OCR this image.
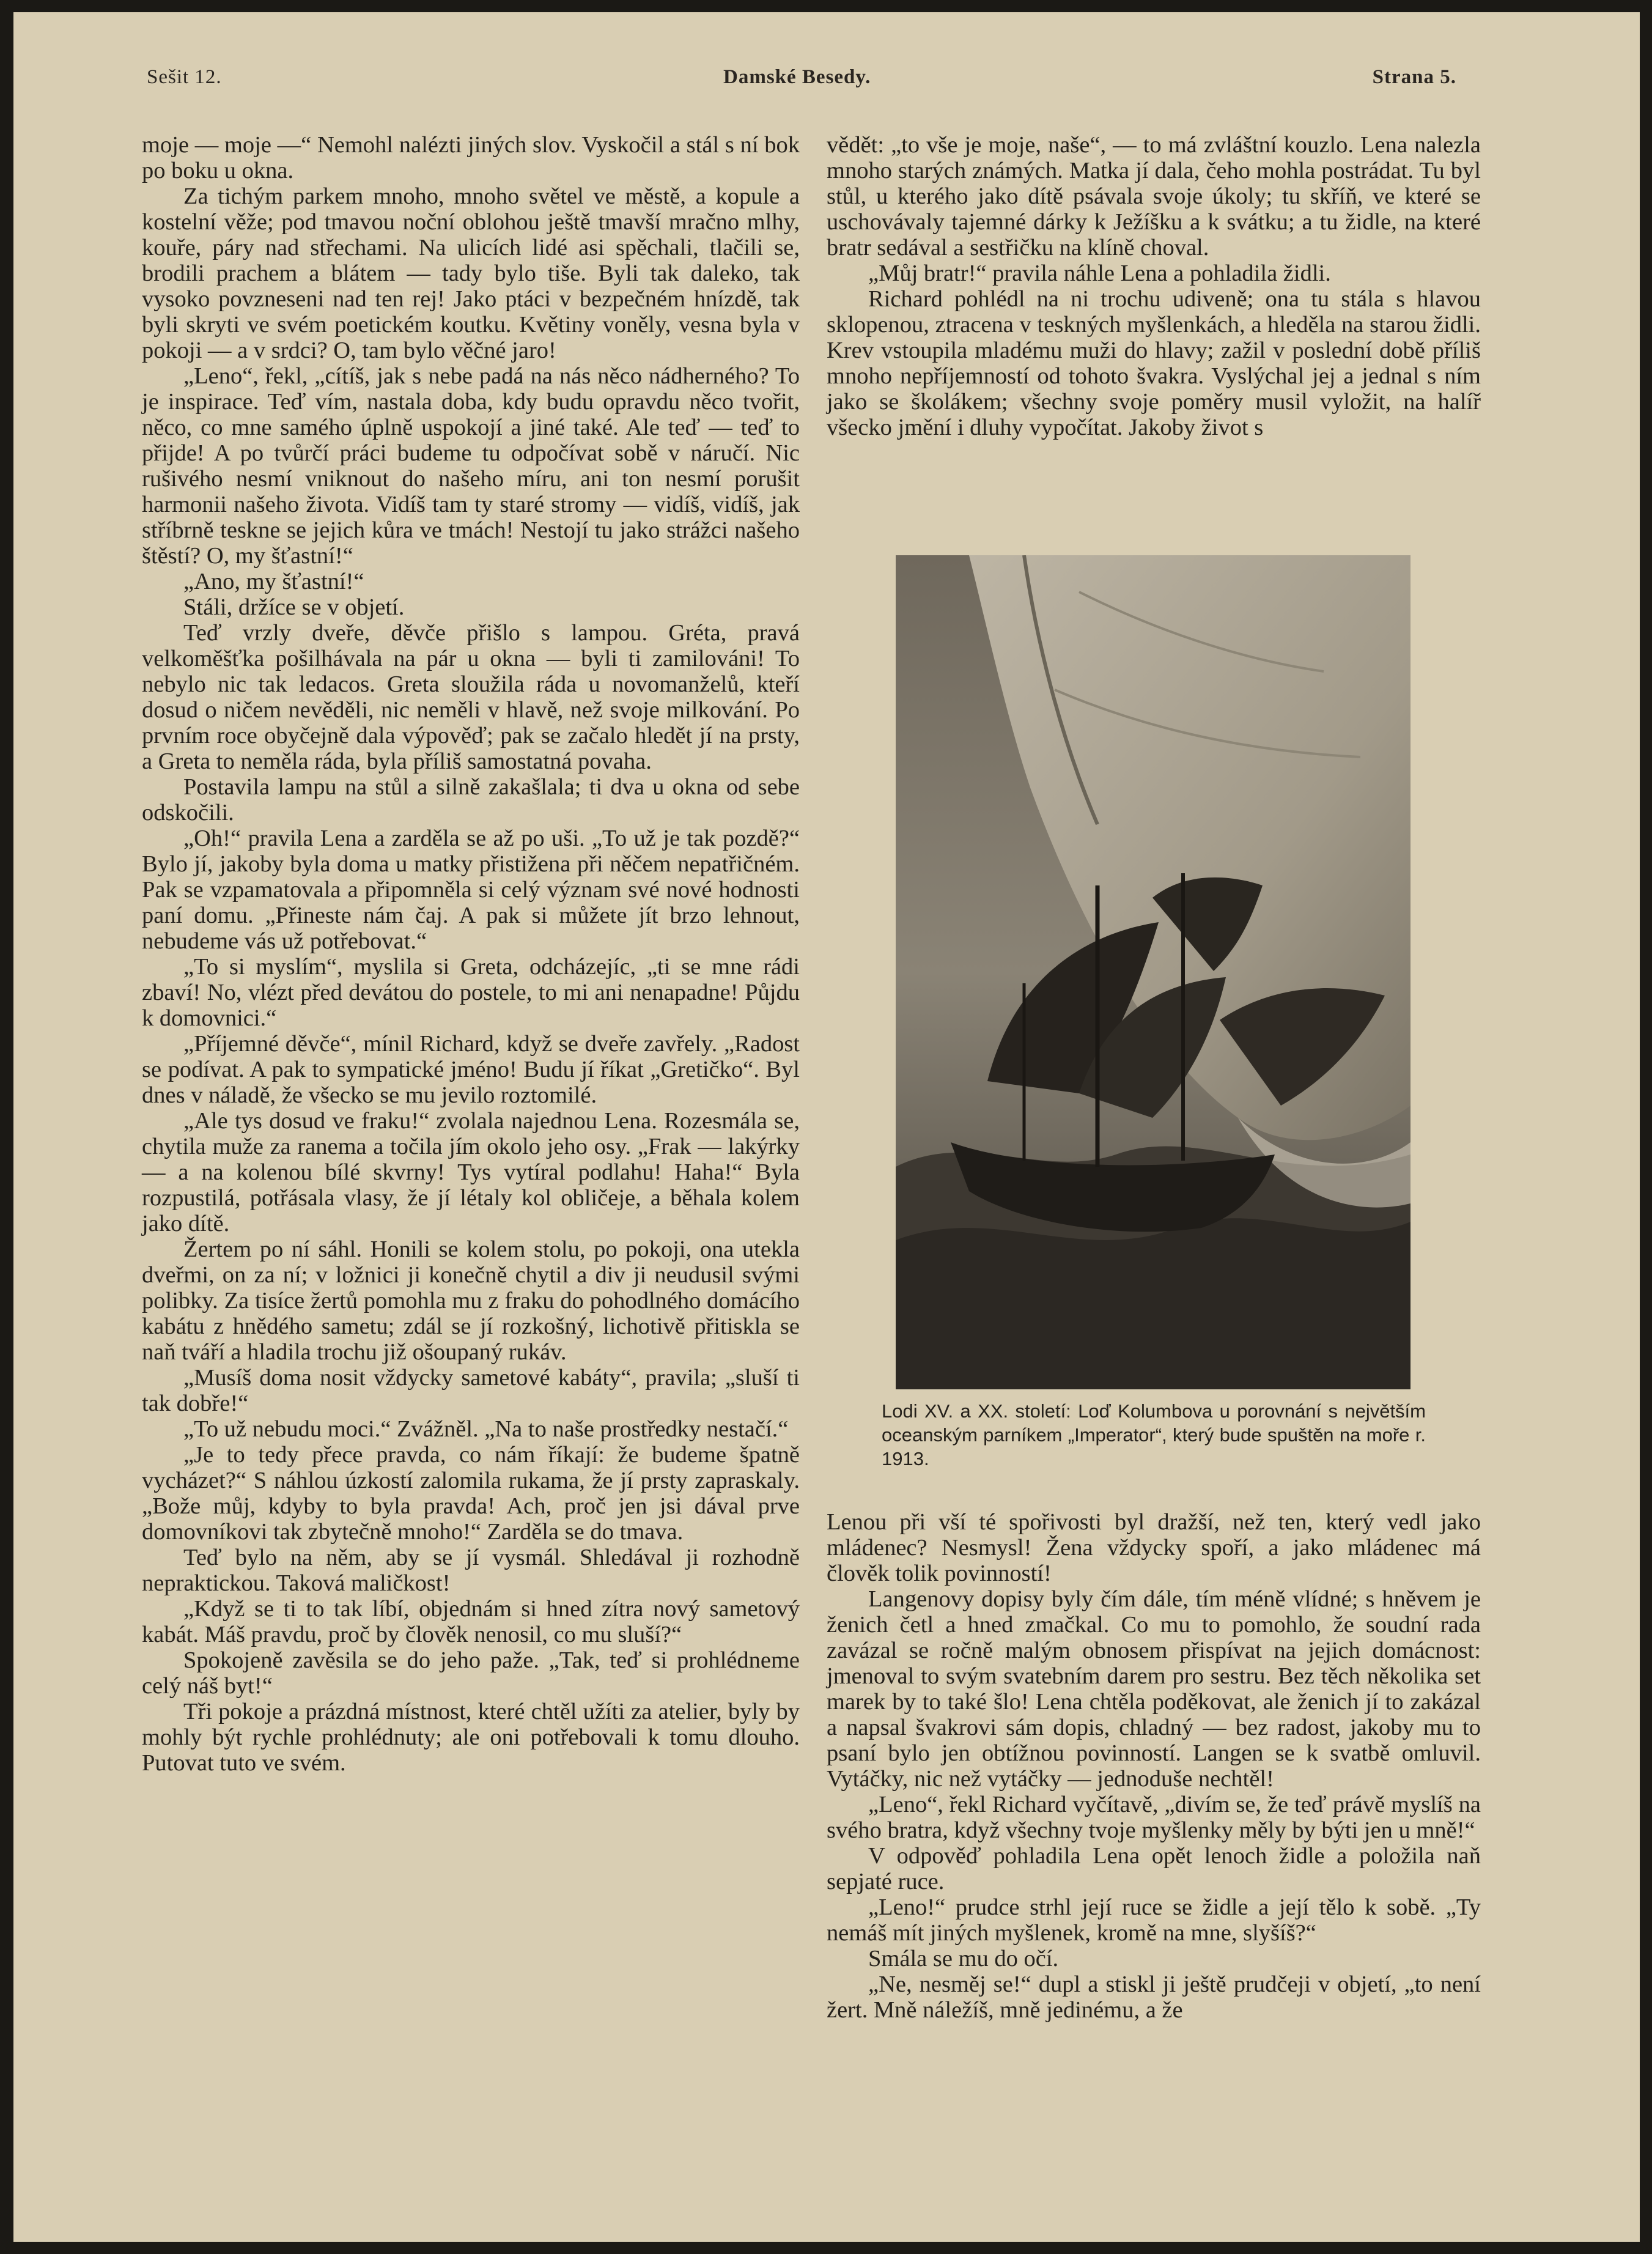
Sešit 12.	Damské Besedy.	Strana 5.

moje — moje —“ Nemohl nalézti jiných slov. Vyskočil a stál s ní bok po boku u okna.

Za tichým parkem mnoho, mnoho světel ve městě, a kopule a kostelní věže; pod tmavou noční oblohou ještě tmavší mračno mlhy, kouře, páry nad střechami. Na ulicích lidé asi spěchali, tlačili se, brodili prachem a blátem — tady bylo tiše. Byli tak daleko, tak vysoko povzneseni nad ten rej! Jako ptáci v bezpečném hnízdě, tak byli skryti ve svém poetickém koutku. Květiny voněly, vesna byla v pokoji — a v srdci? O, tam bylo věčné jaro!

„Leno“, řekl, „cítíš, jak s nebe padá na nás něco nádherného? To je inspirace. Teď vím, nastala doba, kdy budu opravdu něco tvořit, něco, co mne samého úplně uspokojí a jiné také. Ale teď — teď to přijde! A po tvůrčí práci budeme tu odpočívat sobě v náručí. Nic rušivého nesmí vniknout do našeho míru, ani ton nesmí porušit harmonii našeho života. Vidíš tam ty staré stromy — vidíš, vidíš, jak stříbrně teskne se jejich kůra ve tmách! Nestojí tu jako strážci našeho štěstí? O, my šťastní!“

„Ano, my šťastní!“

Stáli, držíce se v objetí.

Teď vrzly dveře, děvče přišlo s lampou. Gréta, pravá velkoměšťka pošilhávala na pár u okna — byli ti zamilováni! To nebylo nic tak ledacos. Greta sloužila ráda u novomanželů, kteří dosud o ničem nevěděli, nic neměli v hlavě, než svoje milkování. Po prvním roce obyčejně dala výpověď; pak se začalo hledět jí na prsty, a Greta to neměla ráda, byla příliš samostatná povaha.

Postavila lampu na stůl a silně zakašlala; ti dva u okna od sebe odskočili.

„Oh!“ pravila Lena a zarděla se až po uši. „To už je tak pozdě?“ Bylo jí, jakoby byla doma u matky přistižena při něčem nepatřičném. Pak se vzpamatovala a připomněla si celý význam své nové hodnosti paní domu. „Přineste nám čaj. A pak si můžete jít brzo lehnout, nebudeme vás už potřebovat.“

„To si myslím“, myslila si Greta, odcházejíc, „ti se mne rádi zbaví! No, vlézt před devátou do postele, to mi ani nenapadne! Půjdu k domovnici.“

„Příjemné děvče“, mínil Richard, když se dveře zavřely. „Radost se podívat. A pak to sympatické jméno! Budu jí říkat „Gretičko“. Byl dnes v náladě, že všecko se mu jevilo roztomilé.

„Ale tys dosud ve fraku!“ zvolala najednou Lena. Rozesmála se, chytila muže za ranema a točila jím okolo jeho osy. „Frak — lakýrky — a na kolenou bílé skvrny! Tys vytíral podlahu! Haha!“ Byla rozpustilá, potřásala vlasy, že jí létaly kol obličeje, a běhala kolem jako dítě.

Žertem po ní sáhl. Honili se kolem stolu, po pokoji, ona utekla dveřmi, on za ní; v ložnici ji konečně chytil a div ji neudusil svými polibky. Za tisíce žertů pomohla mu z fraku do pohodlného domácího kabátu z hnědého sametu; zdál se jí rozkošný, lichotivě přitiskla se naň tváří a hladila trochu již ošoupaný rukáv.

„Musíš doma nosit vždycky sametové kabáty“, pravila; „sluší ti tak dobře!“

„To už nebudu moci.“ Zvážněl. „Na to naše prostředky nestačí.“

„Je to tedy přece pravda, co nám říkají: že budeme špatně vycházet?“ S náhlou úzkostí zalomila rukama, že jí prsty zapraskaly. „Bože můj, kdyby to byla pravda! Ach, proč jen jsi dával prve domovníkovi tak zbytečně mnoho!“ Zarděla se do tmava.

Teď bylo na něm, aby se jí vysmál. Shledával ji rozhodně nepraktickou. Taková maličkost!

„Když se ti to tak líbí, objednám si hned zítra nový sametový kabát. Máš pravdu, proč by člověk nenosil, co mu sluší?“

Spokojeně zavěsila se do jeho paže. „Tak, teď si prohlédneme celý náš byt!“

Tři pokoje a prázdná místnost, které chtěl užíti za atelier, byly by mohly být rychle prohlédnuty; ale oni potřebovali k tomu dlouho. Putovat tuto ve svém.

vědět: „to vše je moje, naše“, — to má zvláštní kouzlo. Lena nalezla mnoho starých známých. Matka jí dala, čeho mohla postrádat. Tu byl stůl, u kterého jako dítě psávala svoje úkoly; tu skříň, ve které se uschovávaly tajemné dárky k Ježíšku a k svátku; a tu židle, na které bratr sedával a sestřičku na klíně choval.

„Můj bratr!“ pravila náhle Lena a pohladila židli.

Richard pohlédl na ni trochu udiveně; ona tu stála s hlavou sklopenou, ztracena v teskných myšlenkách, a hleděla na starou židli. Krev vstoupila mladému muži do hlavy; zažil v poslední době příliš mnoho nepříjemností od tohoto švakra. Vyslýchal jej a jednal s ním jako se školákem; všechny svoje poměry musil vyložit, na halíř všecko jmění i dluhy vypočítat. Jakoby život s

Lodi XV. a XX. století: Loď Kolumbova u porovnání s největším oceanským parníkem „Imperator“, který bude spuštěn na moře r. 1913.

Lenou při vší té spořivosti byl dražší, než ten, který vedl jako mládenec? Nesmysl! Žena vždycky spoří, a jako mládenec má člověk tolik povinností!

Langenovy dopisy byly čím dále, tím méně vlídné; s hněvem je ženich četl a hned zmačkal. Co mu to pomohlo, že soudní rada zavázal se ročně malým obnosem přispívat na jejich domácnost: jmenoval to svým svatebním darem pro sestru. Bez těch několika set marek by to také šlo! Lena chtěla poděkovat, ale ženich jí to zakázal a napsal švakrovi sám dopis, chladný — bez radost, jakoby mu to psaní bylo jen obtížnou povinností. Langen se k svatbě omluvil. Vytáčky, nic než vytáčky — jednoduše nechtěl!

„Leno“, řekl Richard vyčítavě, „divím se, že teď právě myslíš na svého bratra, když všechny tvoje myšlenky měly by býti jen u mně!“

V odpověď pohladila Lena opět lenoch židle a položila naň sepjaté ruce.

„Leno!“ prudce strhl její ruce se židle a její tělo k sobě. „Ty nemáš mít jiných myšlenek, kromě na mne, slyšíš?“

Smála se mu do očí.

„Ne, nesměj se!“ dupl a stiskl ji ještě prudčeji v objetí, „to není žert. Mně náležíš, mně jedinému, a že
